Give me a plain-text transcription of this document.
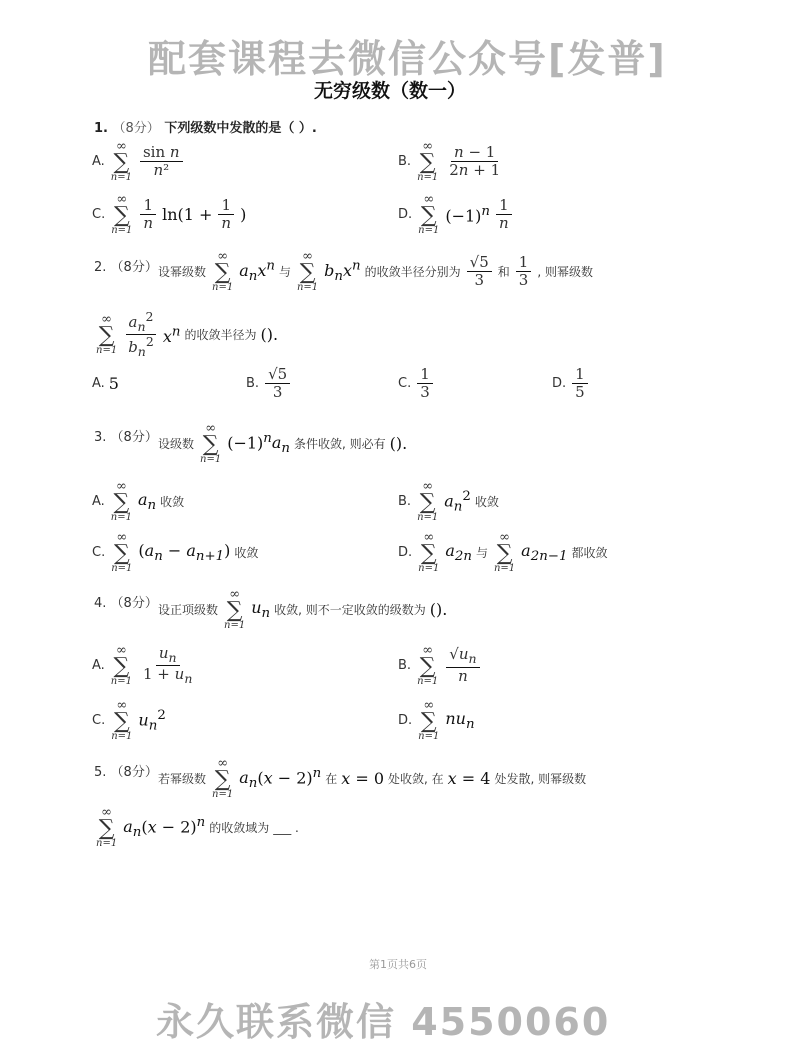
配套课程去微信公众号[发普]
无穷级数（数一）
1. （8分） 下列级数中发散的是（ ）.
A.
∞
∑
$n=1 \frac{\text{sin n}}{\text{n²}}$	B.
∞
∑
$n=1 \frac{n - 1}{2n + 1}$
C.
∞
∑
$n=1 \frac{1}{n} \ln(1 + \frac{1}{n}$ )	D.
∞
∑
n=1
$(-1)^n \frac{1}{n}$
2. （8分） 设幂级数
∞
∑
n=1
$a_nx^n$ 与
∞
∑
n=1
$b_nx^n$ 的收敛半径分别为 $\frac{√5}{3}$ 和 $\frac{1}{3}$ , 则幂级数
∞
∑
$n=1 \frac{a_n^2}{b_n^2} x^n$ 的收敛半径为 ().
A. 5	B. $\frac{√5}{3}$	C. $\frac{1}{3}$	D. $\frac{1}{5}$
3. （8分） 设级数
∞
∑
n=1
$(-1)^na_n$ 条件收敛, 则必有 ().
A.
∞
∑
n=1
$a_n$ 收敛	B.
∞
∑
n=1
$a_n^2$ 收敛
C.
∞
∑
n=1
$(a_n - a_{n+1})$ 收敛	D.
∞
∑
n=1
$a_{2n}$ 与
∞
∑
n=1
$a_{2n-1}$ 都收敛
4. （8分） 设正项级数
∞
∑
n=1
$u_n$ 收敛, 则不一定收敛的级数为 ().
A.
∞
∑
$n=1 \frac{u_n}{1 + u_n}$	B.
∞
∑
$n=1 \frac{√u_n}{n}$
C.
∞
∑
n=1
$u_n^2$	D.
∞
∑
n=1
$nu_n$
5. （8分） 若幂级数
∞
∑
n=1
$a_n(x - 2)^n$ 在 x = 0 处收敛, 在 x = 4 处发散, 则幂级数
∞
∑
n=1
$a_n(x - 2)^n$ 的收敛域为 ___ .
第1页共6页
永久联系微信 4550060
